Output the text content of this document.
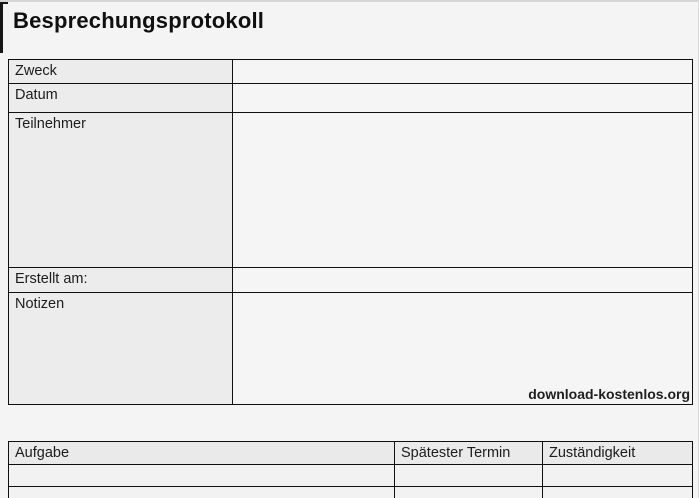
Besprechungsprotokoll
Zweck	
Datum	
Teilnehmer	
Erstellt am:	
Notizen	download-kostenlos.org
Aufgabe	Spätester Termin	Zuständigkeit
